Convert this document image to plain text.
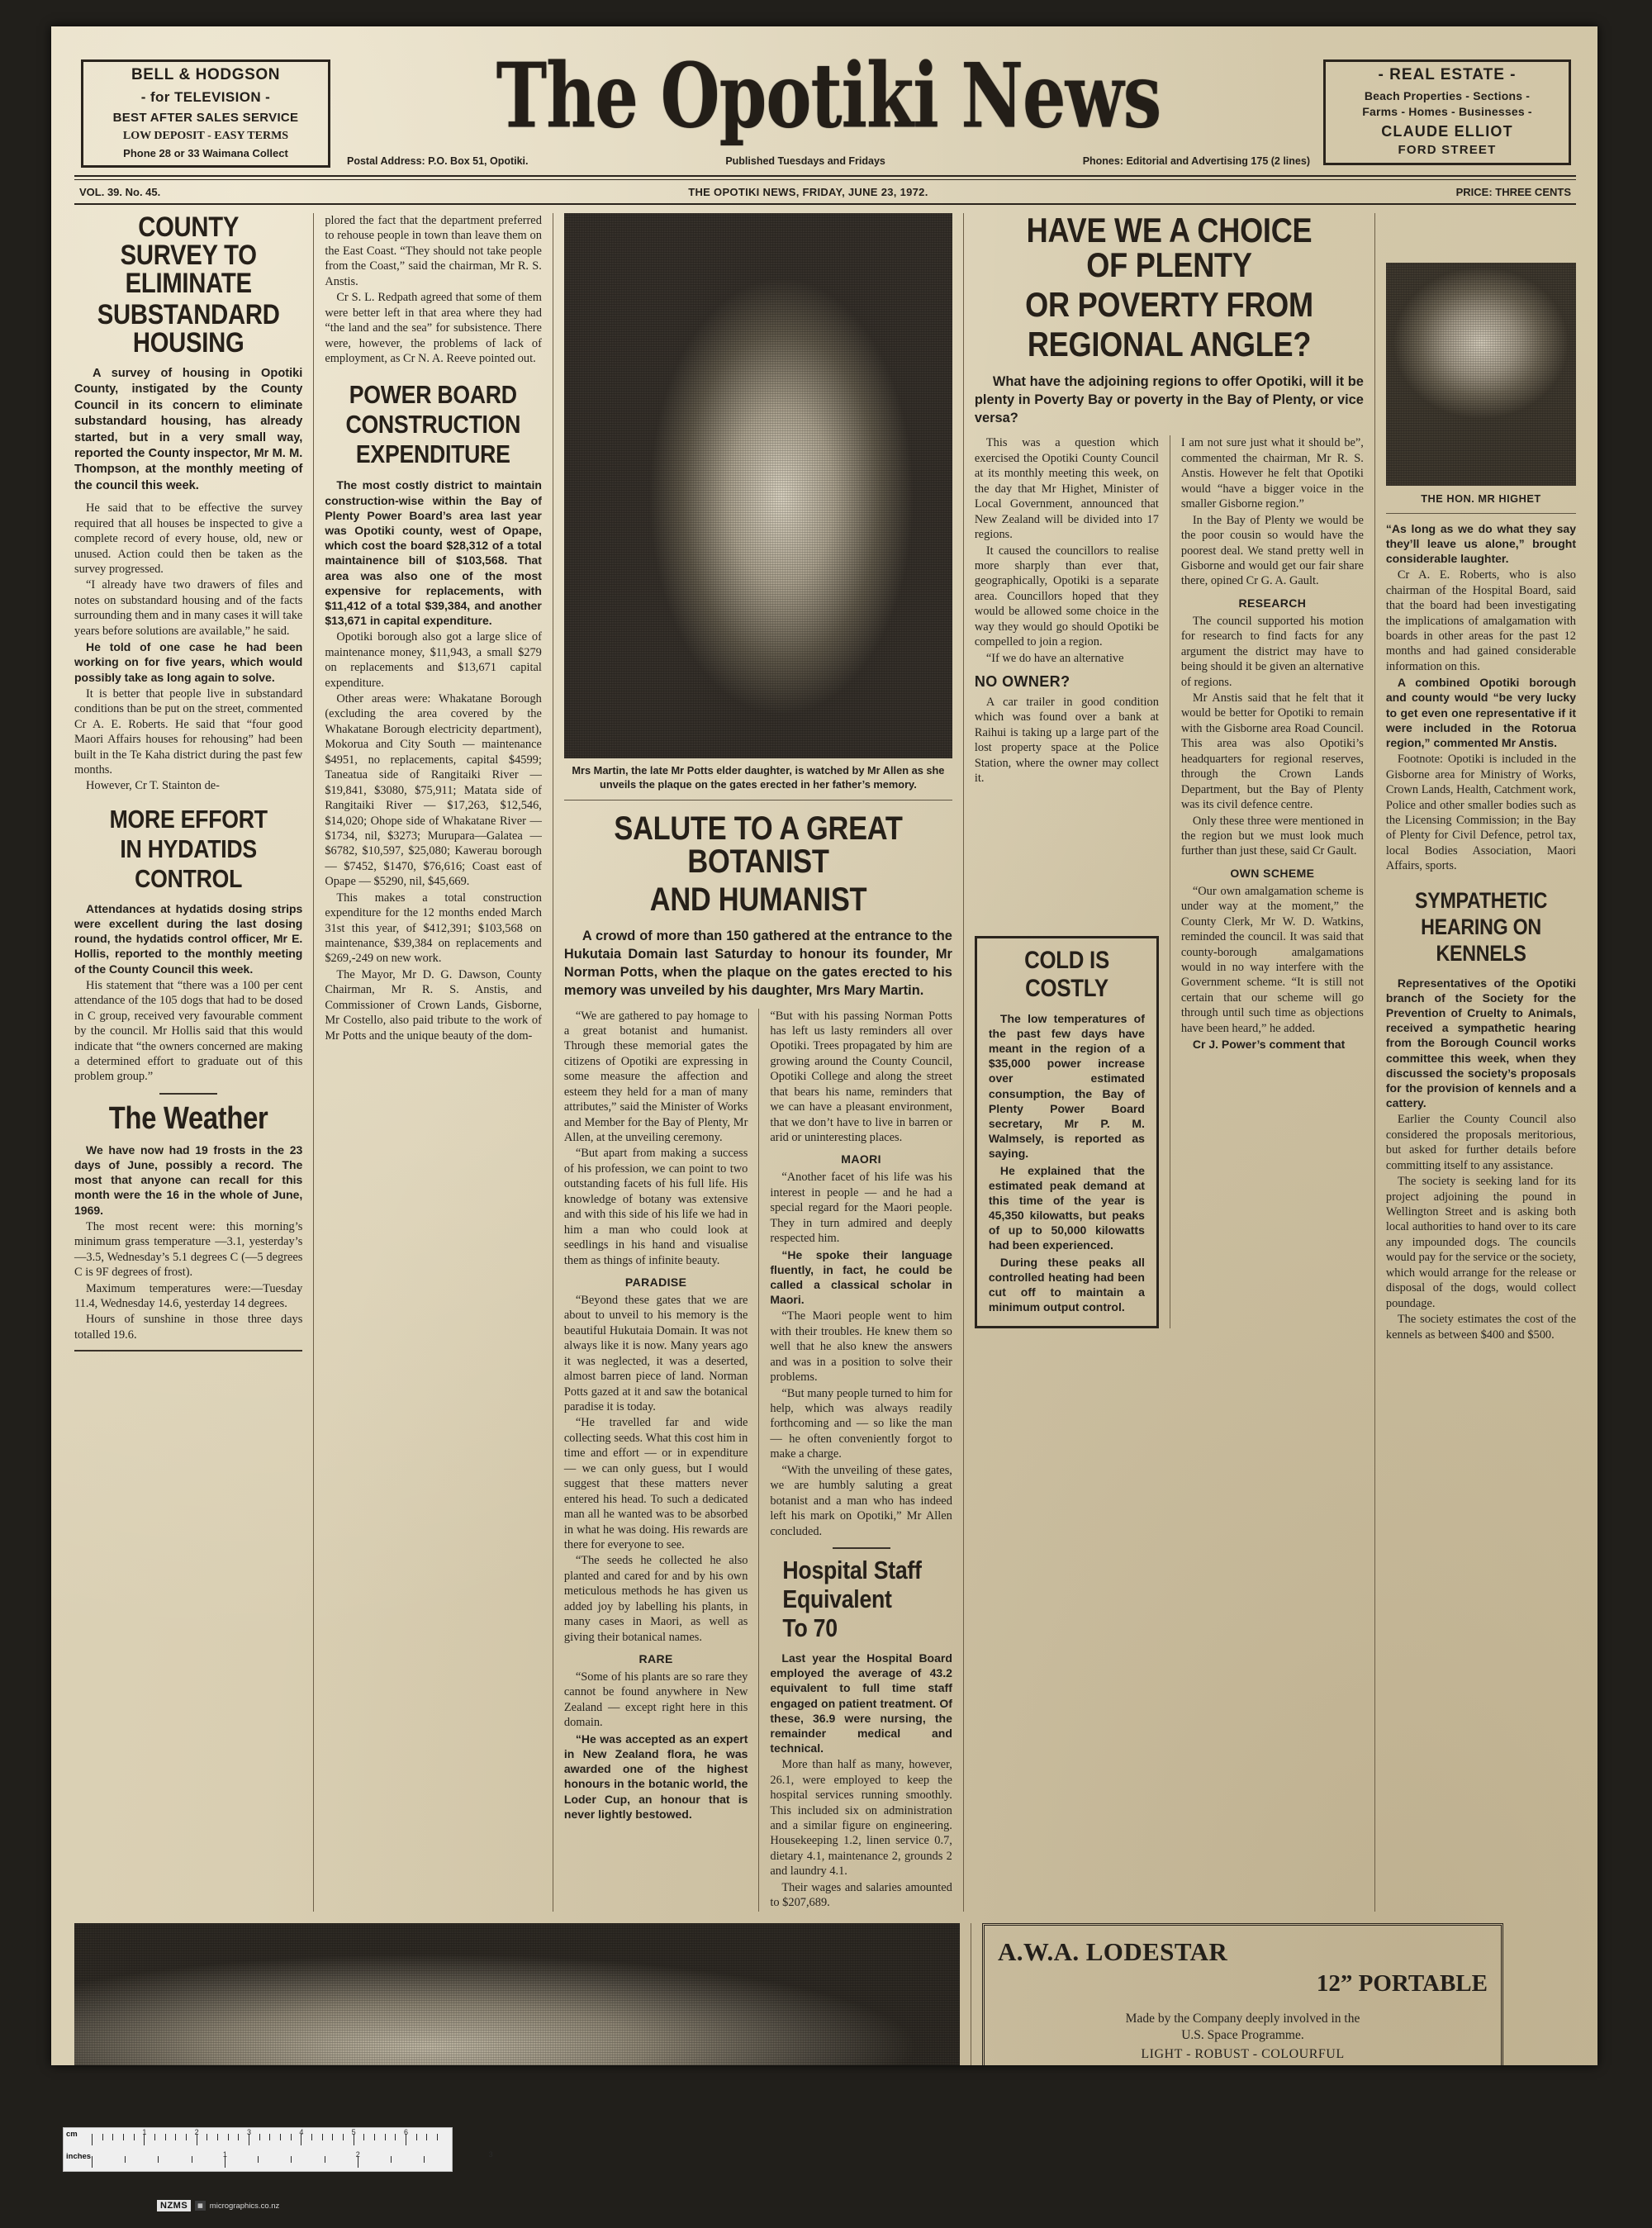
BELL & HODGSON
- for TELEVISION -
BEST AFTER SALES SERVICE
LOW DEPOSIT - EASY TERMS
Phone 28 or 33 Waimana Collect
The Opotiki News
Postal Address: P.O. Box 51, Opotiki.	Published Tuesdays and Fridays	Phones: Editorial and Advertising 175 (2 lines)
- REAL ESTATE -
Beach Properties - Sections -
Farms - Homes - Businesses -
CLAUDE ELLIOT
FORD STREET
VOL. 39. No. 45.	THE OPOTIKI NEWS, FRIDAY, JUNE 23, 1972.	PRICE: THREE CENTS
COUNTY SURVEY TO ELIMINATE
SUBSTANDARD HOUSING
A survey of housing in Opotiki County, instigated by the County Council in its concern to eliminate substandard housing, has already started, but in a very small way, reported the County inspector, Mr M. M. Thompson, at the monthly meeting of the council this week.

He said that to be effective the survey required that all houses be inspected to give a complete record of every house, old, new or unused. Action could then be taken as the survey progressed.

“I already have two drawers of files and notes on substandard housing and of the facts surrounding them and in many cases it will take years before solutions are available,” he said.

He told of one case he had been working on for five years, which would possibly take as long again to solve.

It is better that people live in substandard conditions than be put on the street, commented Cr A. E. Roberts. He said that “four good Maori Affairs houses for rehousing” had been built in the Te Kaha district during the past few months.

However, Cr T. Stainton de-

MORE EFFORT
IN HYDATIDS
CONTROL

Attendances at hydatids dosing strips were excellent during the last dosing round, the hydatids control officer, Mr E. Hollis, reported to the monthly meeting of the County Council this week.

His statement that “there was a 100 per cent attendance of the 105 dogs that had to be dosed in C group, received very favourable comment by the council. Mr Hollis said that this would indicate that “the owners concerned are making a determined effort to graduate out of this problem group.”

The Weather

We have now had 19 frosts in the 23 days of June, possibly a record. The most that anyone can recall for this month were the 16 in the whole of June, 1969.

The most recent were: this morning’s minimum grass temperature —3.1, yesterday’s —3.5, Wednesday’s 5.1 degrees C (—5 degrees C is 9F degrees of frost).

Maximum temperatures were:—Tuesday 11.4, Wednesday 14.6, yesterday 14 degrees.

Hours of sunshine in those three days totalled 19.6.

plored the fact that the department preferred to rehouse people in town than leave them on the East Coast. “They should not take people from the Coast,” said the chairman, Mr R. S. Anstis.

Cr S. L. Redpath agreed that some of them were better left in that area where they had “the land and the sea” for subsistence. There were, however, the problems of lack of employment, as Cr N. A. Reeve pointed out.

POWER BOARD
CONSTRUCTION
EXPENDITURE

The most costly district to maintain construction-wise within the Bay of Plenty Power Board’s area last year was Opotiki county, west of Opape, which cost the board $28,312 of a total maintainence bill of $103,568. That area was also one of the most expensive for replacements, with $11,412 of a total $39,384, and another $13,671 in capital expenditure.

Opotiki borough also got a large slice of maintenance money, $11,943, a small $279 on replacements and $13,671 capital expenditure.

Other areas were: Whakatane Borough (excluding the area covered by the Whakatane Borough electricity department), Mokorua and City South — maintenance $4951, no replacements, capital $4599; Taneatua side of Rangitaiki River — $19,841, $3080, $75,911; Matata side of Rangitaiki River — $17,263, $12,546, $14,020; Ohope side of Whakatane River — $1734, nil, $3273; Murupara—Galatea — $6782, $10,597, $25,080; Kawerau borough — $7452, $1470, $76,616; Coast east of Opape — $5290, nil, $45,669.

This makes a total construction expenditure for the 12 months ended March 31st this year, of $412,391; $103,568 on maintenance, $39,384 on replacements and $269,-249 on new work.

The Mayor, Mr D. G. Dawson, County Chairman, Mr R. S. Anstis, and Commissioner of Crown Lands, Gisborne, Mr Costello, also paid tribute to the work of Mr Potts and the unique beauty of the dom-

Mrs Martin, the late Mr Potts elder daughter, is watched by Mr Allen as she unveils the plaque on the gates erected in her father’s memory.
SALUTE TO A GREAT BOTANIST
AND HUMANIST
A crowd of more than 150 gathered at the entrance to the Hukutaia Domain last Saturday to honour its founder, Mr Norman Potts, when the plaque on the gates erected to his memory was unveiled by his daughter, Mrs Mary Martin.

“We are gathered to pay homage to a great botanist and humanist. Through these memorial gates the citizens of Opotiki are expressing in some measure the affection and esteem they held for a man of many attributes,” said the Minister of Works and Member for the Bay of Plenty, Mr Allen, at the unveiling ceremony.

“But apart from making a success of his profession, we can point to two outstanding facets of his full life. His knowledge of botany was extensive and with this side of his life we had in him a man who could look at seedlings in his hand and visualise them as things of infinite beauty.

PARADISE

“Beyond these gates that we are about to unveil to his memory is the beautiful Hukutaia Domain. It was not always like it is now. Many years ago it was neglected, it was a deserted, almost barren piece of land. Norman Potts gazed at it and saw the botanical paradise it is today.

“He travelled far and wide collecting seeds. What this cost him in time and effort — or in expenditure — we can only guess, but I would suggest that these matters never entered his head. To such a dedicated man all he wanted was to be absorbed in what he was doing. His rewards are there for everyone to see.

“The seeds he collected he also planted and cared for and by his own meticulous methods he has given us added joy by labelling his plants, in many cases in Maori, as well as giving their botanical names.

RARE

“Some of his plants are so rare they cannot be found anywhere in New Zealand — except right here in this domain.

“He was accepted as an expert in New Zealand flora, he was awarded one of the highest honours in the botanic world, the Loder Cup, an honour that is never lightly bestowed.

“But with his passing Norman Potts has left us lasty reminders all over Opotiki. Trees propagated by him are growing around the County Council, Opotiki College and along the street that bears his name, reminders that we can have a pleasant environment, that we don’t have to live in barren or arid or uninteresting places.

MAORI

“Another facet of his life was his interest in people — and he had a special regard for the Maori people. They in turn admired and deeply respected him.

“He spoke their language fluently, in fact, he could be called a classical scholar in Maori.

“The Maori people went to him with their troubles. He knew them so well that he also knew the answers and was in a position to solve their problems.

“But many people turned to him for help, which was always readily forthcoming and — so like the man — he often conveniently forgot to make a charge.

“With the unveiling of these gates, we are humbly saluting a great botanist and a man who has indeed left his mark on Opotiki,” Mr Allen concluded.

Hospital Staff
Equivalent
To 70

Last year the Hospital Board employed the average of 43.2 equivalent to full time staff engaged on patient treatment. Of these, 36.9 were nursing, the remainder medical and technical.

More than half as many, however, 26.1, were employed to keep the hospital services running smoothly. This included six on administration and a similar figure on engineering. Housekeeping 1.2, linen service 0.7, dietary 4.1, maintenance 2, grounds 2 and laundry 4.1.

Their wages and salaries amounted to $207,689.

HAVE WE A CHOICE OF PLENTY
OR POVERTY FROM
REGIONAL ANGLE?
What have the adjoining regions to offer Opotiki, will it be plenty in Poverty Bay or poverty in the Bay of Plenty, or vice versa?

This was a question which exercised the Opotiki County Council at its monthly meeting this week, on the day that Mr Highet, Minister of Local Government, announced that New Zealand will be divided into 17 regions.

It caused the councillors to realise more sharply than ever that, geographically, Opotiki is a separate area. Councillors hoped that they would be allowed some choice in the way they would go should Opotiki be compelled to join a region.

“If we do have an alternative

NO OWNER?

A car trailer in good condition which was found over a bank at Raihui is taking up a large part of the lost property space at the Police Station, where the owner may collect it.

COLD IS
COSTLY

The low temperatures of the past few days have meant in the region of a $35,000 power increase over estimated consumption, the Bay of Plenty Power Board secretary, Mr P. M. Walmsely, is reported as saying.

He explained that the estimated peak demand at this time of the year is 45,350 kilowatts, but peaks of up to 50,000 kilowatts had been experienced.

During these peaks all controlled heating had been cut off to maintain a minimum output control.

I am not sure just what it should be”, commented the chairman, Mr R. S. Anstis. However he felt that Opotiki would “have a bigger voice in the smaller Gisborne region.”

In the Bay of Plenty we would be the poor cousin so would have the poorest deal. We stand pretty well in Gisborne and would get our fair share there, opined Cr G. A. Gault.

RESEARCH

The council supported his motion for research to find facts for any argument the district may have to being should it be given an alternative of regions.

Mr Anstis said that he felt that it would be better for Opotiki to remain with the Gisborne area Road Council. This area was also Opotiki’s headquarters for regional reserves, through the Crown Lands Department, but the Bay of Plenty was its civil defence centre.

Only these three were mentioned in the region but we must look much further than just these, said Cr Gault.

OWN SCHEME

“Our own amalgamation scheme is under way at the moment,” the County Clerk, Mr W. D. Watkins, reminded the council. It was said that county-borough amalgamations would in no way interfere with the Government scheme. “It is still not certain that our scheme will go through until such time as objections have been heard,” he added.

Cr J. Power’s comment that

THE HON. MR HIGHET

“As long as we do what they say they’ll leave us alone,” brought considerable laughter.

Cr A. E. Roberts, who is also chairman of the Hospital Board, said that the board had been investigating the implications of amalgamation with boards in other areas for the past 12 months and had gained considerable information on this.

A combined Opotiki borough and county would “be very lucky to get even one representative if it were included in the Rotorua region,” commented Mr Anstis.

Footnote: Opotiki is included in the Gisborne area for Ministry of Works, Crown Lands, Health, Catchment work, Police and other smaller bodies such as the Licensing Commission; in the Bay of Plenty for Civil Defence, petrol tax, local Bodies Association, Maori Affairs, sports.

SYMPATHETIC
HEARING ON
KENNELS

Representatives of the Opotiki branch of the Society for the Prevention of Cruelty to Animals, received a sympathetic hearing from the Borough Council works committee this week, when they discussed the society’s proposals for the provision of kennels and a cattery.

Earlier the County Council also considered the proposals meritorious, but asked for further details before committing itself to any assistance.

The society is seeking land for its project adjoining the pound in Wellington Street and is asking both local authorities to hand over to its care any impounded dogs. The councils would pay for the service or the society, which would arrange for the release or disposal of the dogs, would collect poundage.

The society estimates the cost of the kennels as between $400 and $500.

A.W.A. LODESTAR
12” PORTABLE
Made by the Company deeply involved in the
U.S. Space Programme.
LIGHT - ROBUST - COLOURFUL
1	2	3	4	5	6
1	2	3
cm
inches
NZMS	▦ micrographics.co.nz
